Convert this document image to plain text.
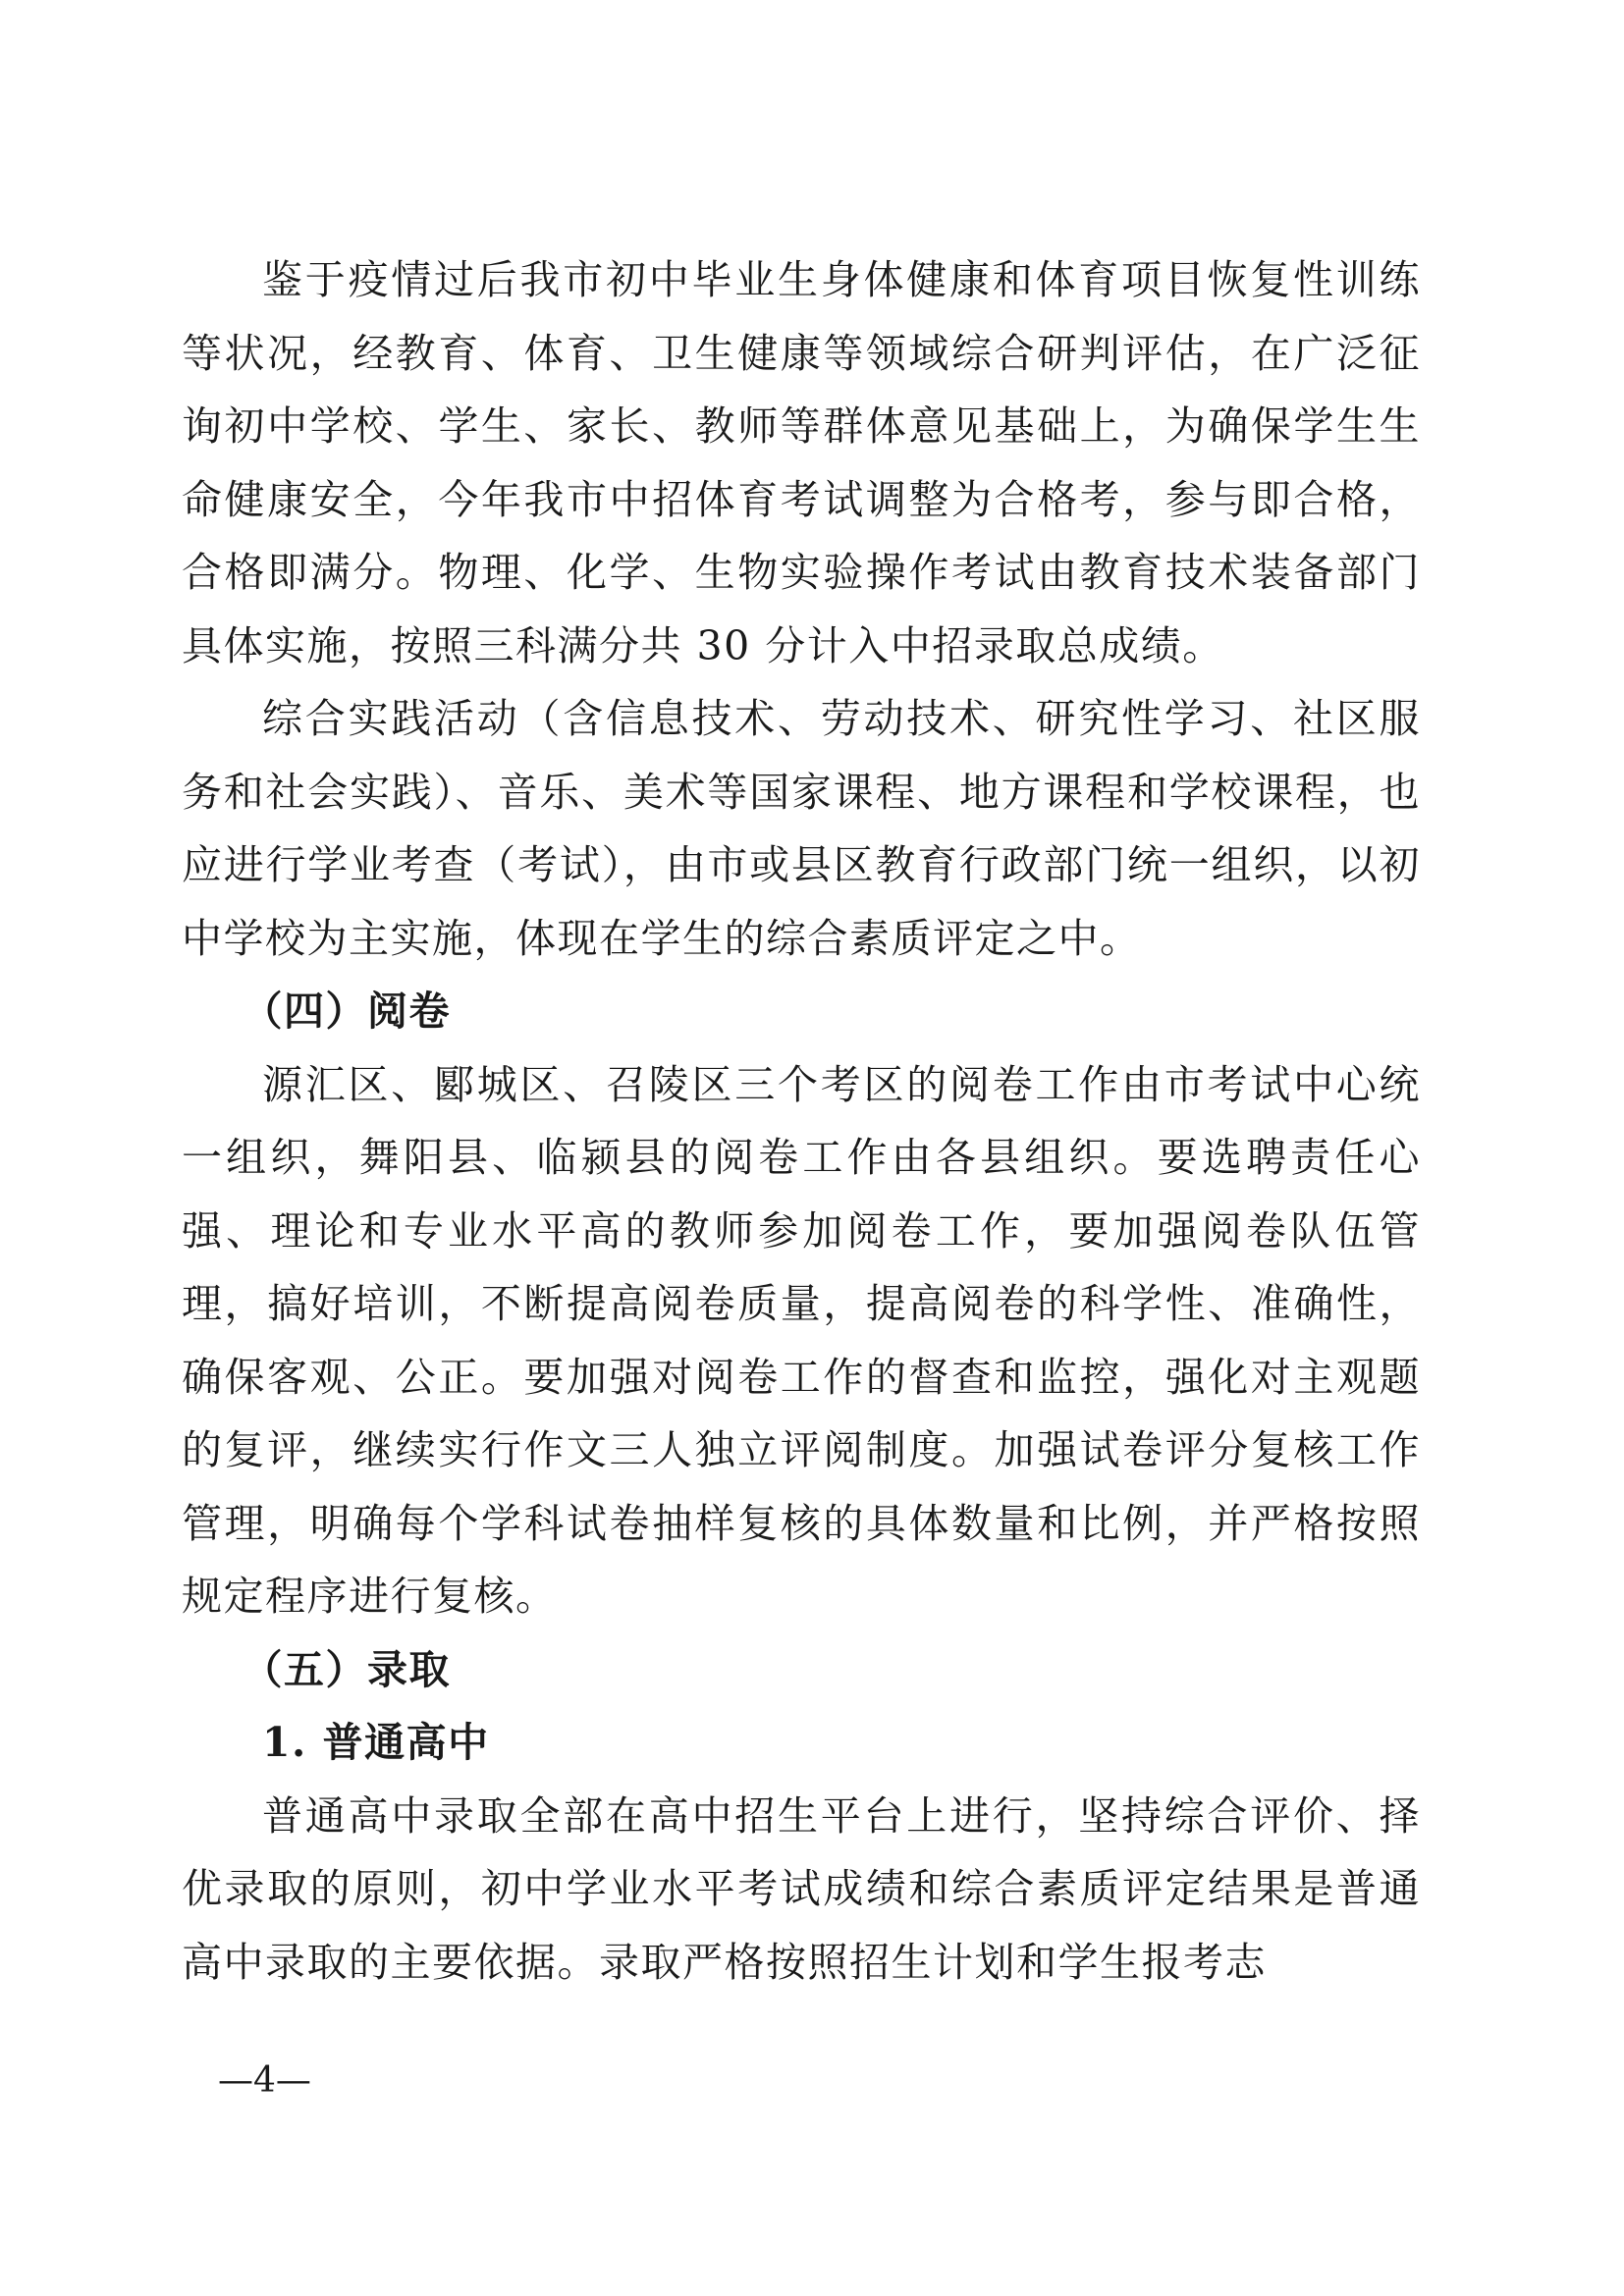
鉴于疫情过后我市初中毕业生身体健康和体育项目恢复性训练等状况，经教育、体育、卫生健康等领域综合研判评估，在广泛征询初中学校、学生、家长、教师等群体意见基础上，为确保学生生命健康安全，今年我市中招体育考试调整为合格考，参与即合格，合格即满分。物理、化学、生物实验操作考试由教育技术装备部门具体实施，按照三科满分共 30 分计入中招录取总成绩。

综合实践活动（含信息技术、劳动技术、研究性学习、社区服务和社会实践）、音乐、美术等国家课程、地方课程和学校课程，也应进行学业考查（考试），由市或县区教育行政部门统一组织，以初中学校为主实施，体现在学生的综合素质评定之中。

（四）阅卷

源汇区、郾城区、召陵区三个考区的阅卷工作由市考试中心统一组织，舞阳县、临颍县的阅卷工作由各县组织。要选聘责任心强、理论和专业水平高的教师参加阅卷工作，要加强阅卷队伍管理，搞好培训，不断提高阅卷质量，提高阅卷的科学性、准确性，确保客观、公正。要加强对阅卷工作的督查和监控，强化对主观题的复评，继续实行作文三人独立评阅制度。加强试卷评分复核工作管理，明确每个学科试卷抽样复核的具体数量和比例，并严格按照规定程序进行复核。

（五）录取

1. 普通高中

普通高中录取全部在高中招生平台上进行，坚持综合评价、择优录取的原则，初中学业水平考试成绩和综合素质评定结果是普通高中录取的主要依据。录取严格按照招生计划和学生报考志

—4—
